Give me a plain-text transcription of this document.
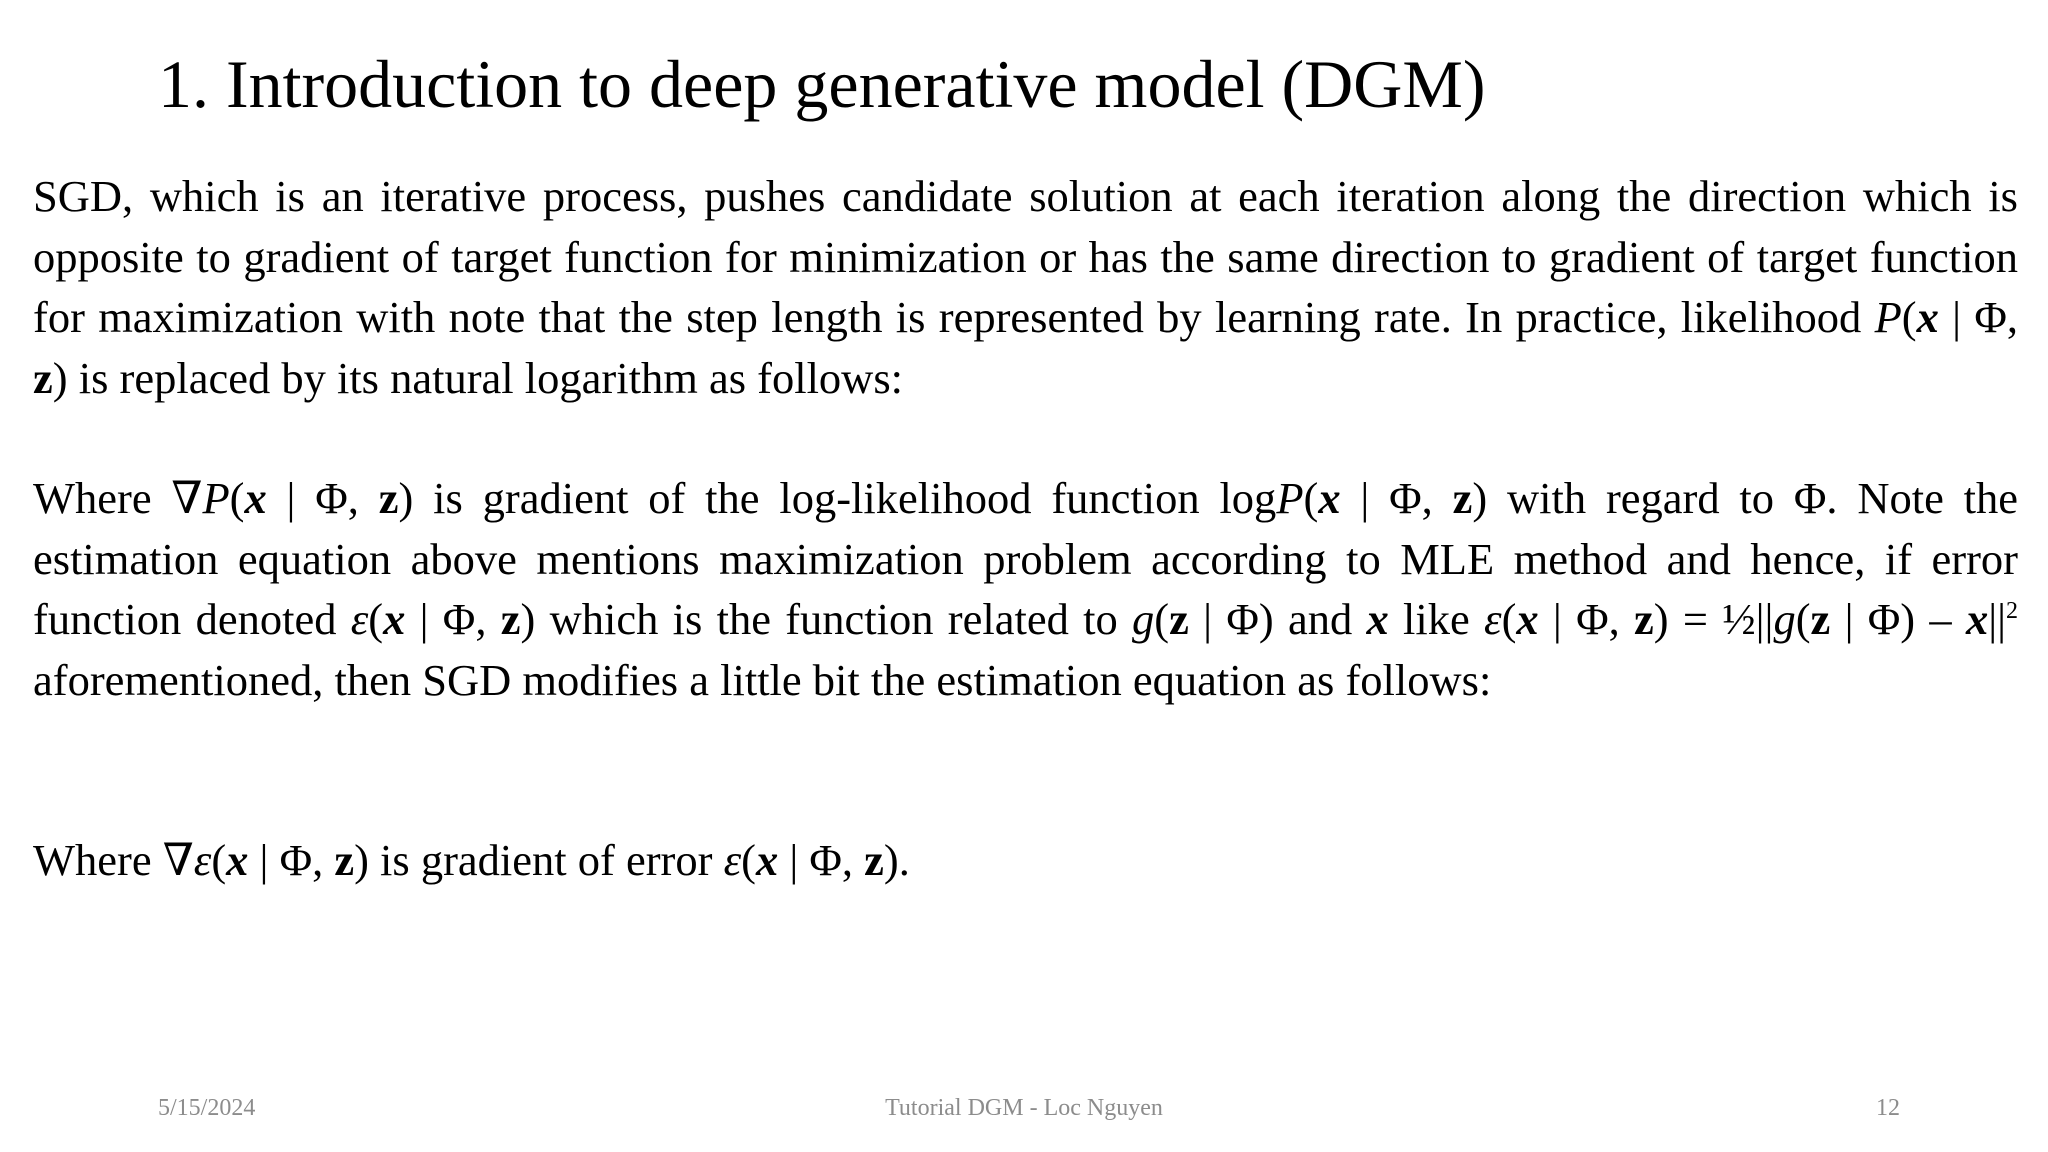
1. Introduction to deep generative model (DGM)
SGD, which is an iterative process, pushes candidate solution at each iteration along the direction which is opposite to gradient of target function for minimization or has the same direction to gradient of target function for maximization with note that the step length is represented by learning rate. In practice, likelihood P(x | Φ, z) is replaced by its natural logarithm as follows:
Where ∇P(x | Φ, z) is gradient of the log-likelihood function logP(x | Φ, z) with regard to Φ. Note the estimation equation above mentions maximization problem according to MLE method and hence, if error function denoted ε(x | Φ, z) which is the function related to g(z | Φ) and x like ε(x | Φ, z) = ½||g(z | $\Phi) - x||^2$ aforementioned, then SGD modifies a little bit the estimation equation as follows:
Where ∇ε(x | Φ, z) is gradient of error ε(x | Φ, z).
5/15/2024	Tutorial DGM - Loc Nguyen	12
